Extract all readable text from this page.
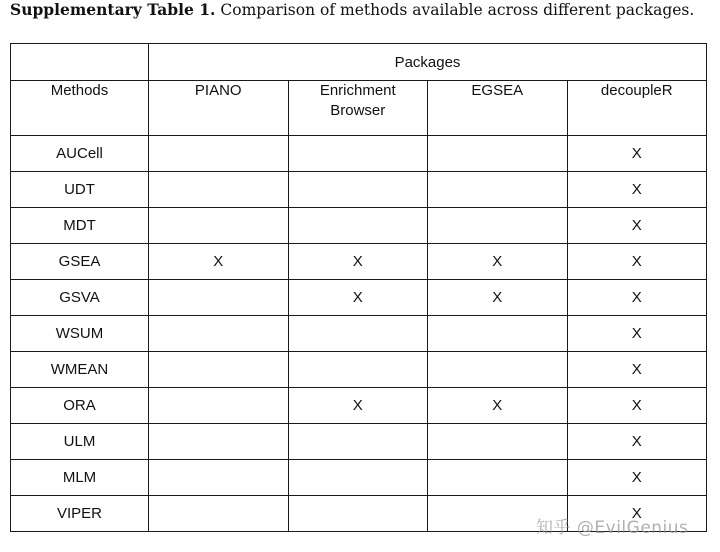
Supplementary Table 1. Comparison of methods available across different packages.
	Packages			
Methods	PIANO	Enrichment Browser	EGSEA	decoupleR
AUCell				X
UDT				X
MDT				X
GSEA	X	X	X	X
GSVA		X	X	X
WSUM				X
WMEAN				X
ORA		X	X	X
ULM				X
MLM				X
VIPER				X
知乎 @EvilGenius
